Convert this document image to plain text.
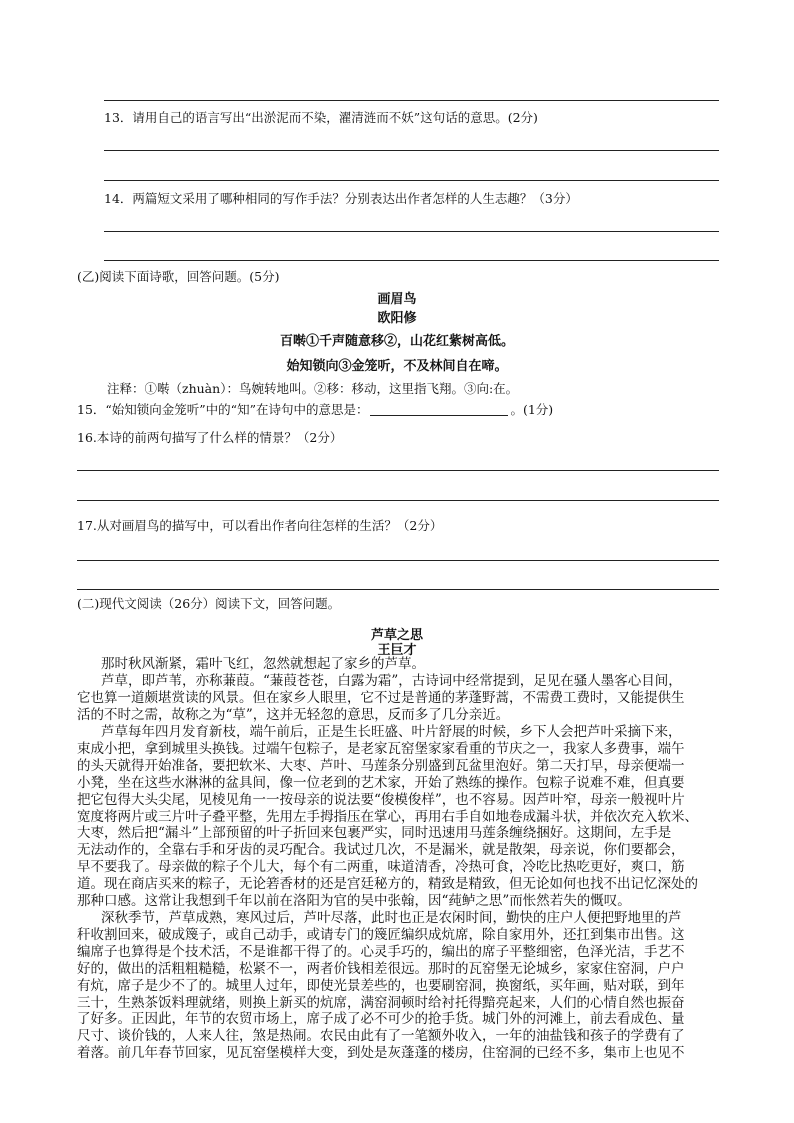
13．请用自己的语言写出“出淤泥而不染，濯清涟而不妖”这句话的意思。(2分)
14．两篇短文采用了哪种相同的写作手法？分别表达出作者怎样的人生志趣？（3分）
(乙)阅读下面诗歌，回答问题。(5分)
画眉鸟
欧阳修
百啭①千声随意移②，山花红紫树高低。
始知锁向③金笼听，不及林间自在啼。
注释：①啭（zhuàn）：鸟婉转地叫。②移：移动，这里指飞翔。③向:在。
15．“始知锁向金笼听”中的“知”在诗句中的意思是：	。(1分)
16.本诗的前两句描写了什么样的情景？（2分）
17.从对画眉鸟的描写中，可以看出作者向往怎样的生活？（2分）
(二)现代文阅读（26分）阅读下文，回答问题。
芦草之思
王巨才
那时秋风渐紧，霜叶飞红，忽然就想起了家乡的芦草。
芦草，即芦苇，亦称蒹葭。“蒹葭苍苍，白露为霜”，古诗词中经常提到，足见在骚人墨客心目间，
它也算一道颇堪赏读的风景。但在家乡人眼里，它不过是普通的茅蓬野蒿，不需费工费时，又能提供生
活的不时之需，故称之为“草”，这并无轻忽的意思，反而多了几分亲近。
芦草每年四月发育新枝，端午前后，正是生长旺盛、叶片舒展的时候，乡下人会把芦叶采摘下来，
束成小把，拿到城里头换钱。过端午包粽子，是老家瓦窑堡家家看重的节庆之一，我家人多费事，端午
的头天就得开始准备，要把软米、大枣、芦叶、马莲条分别盛到瓦盆里泡好。第二天打早，母亲便端一
小凳，坐在这些水淋淋的盆具间，像一位老到的艺术家，开始了熟练的操作。包粽子说难不难，但真要
把它包得大头尖尾，见棱见角一一按母亲的说法要“俊模俊样”，也不容易。因芦叶窄，母亲一般视叶片
宽度将两片或三片叶子叠平整，先用左手拇指压在掌心，再用右手自如地卷成漏斗状，并依次充入软米、
大枣，然后把“漏斗”上部预留的叶子折回来包裹严实，同时迅速用马莲条缠绕捆好。这期间，左手是
无法动作的，全靠右手和牙齿的灵巧配合。我试过几次，不是漏米，就是散架，母亲说，你们要都会，
早不要我了。母亲做的粽子个儿大，每个有二两重，味道清香，冷热可食，冷吃比热吃更好，爽口，筋
道。现在商店买来的粽子，无论箬香材的还是宫廷秘方的，精致是精致，但无论如何也找不出记忆深处的
那种口感。这常让我想到千年以前在洛阳为官的吴中张翰，因“莼鲈之思”而怅然若失的慨叹。
深秋季节，芦草成熟，寒风过后，芦叶尽落，此时也正是农闲时间，勤快的庄户人便把野地里的芦
秆收割回来，破成篾子，或自己动手，或请专门的篾匠编织成炕席，除自家用外，还扛到集市出售。这
编席子也算得是个技术活，不是谁都干得了的。心灵手巧的，编出的席子平整细密，色泽光洁，手艺不
好的，做出的活粗粗糙糙，松紧不一，两者价钱相差很远。那时的瓦窑堡无论城乡，家家住窑洞，户户
有炕，席子是少不了的。城里人过年，即使光景差些的，也要刷窑洞，换窗纸，买年画，贴对联，到年
三十，生熟茶饭料理就绪，则换上新买的炕席，满窑洞顿时给衬托得黯亮起来，人们的心情自然也振奋
了好多。正因此，年节的农贸市场上，席子成了必不可少的抢手货。城门外的河滩上，前去看成色、量
尺寸、谈价钱的，人来人往，煞是热闹。农民由此有了一笔额外收入，一年的油盐钱和孩子的学费有了
着落。前几年春节回家，见瓦窑堡模样大变，到处是灰蓬蓬的楼房，住窑洞的已经不多，集市上也见不
